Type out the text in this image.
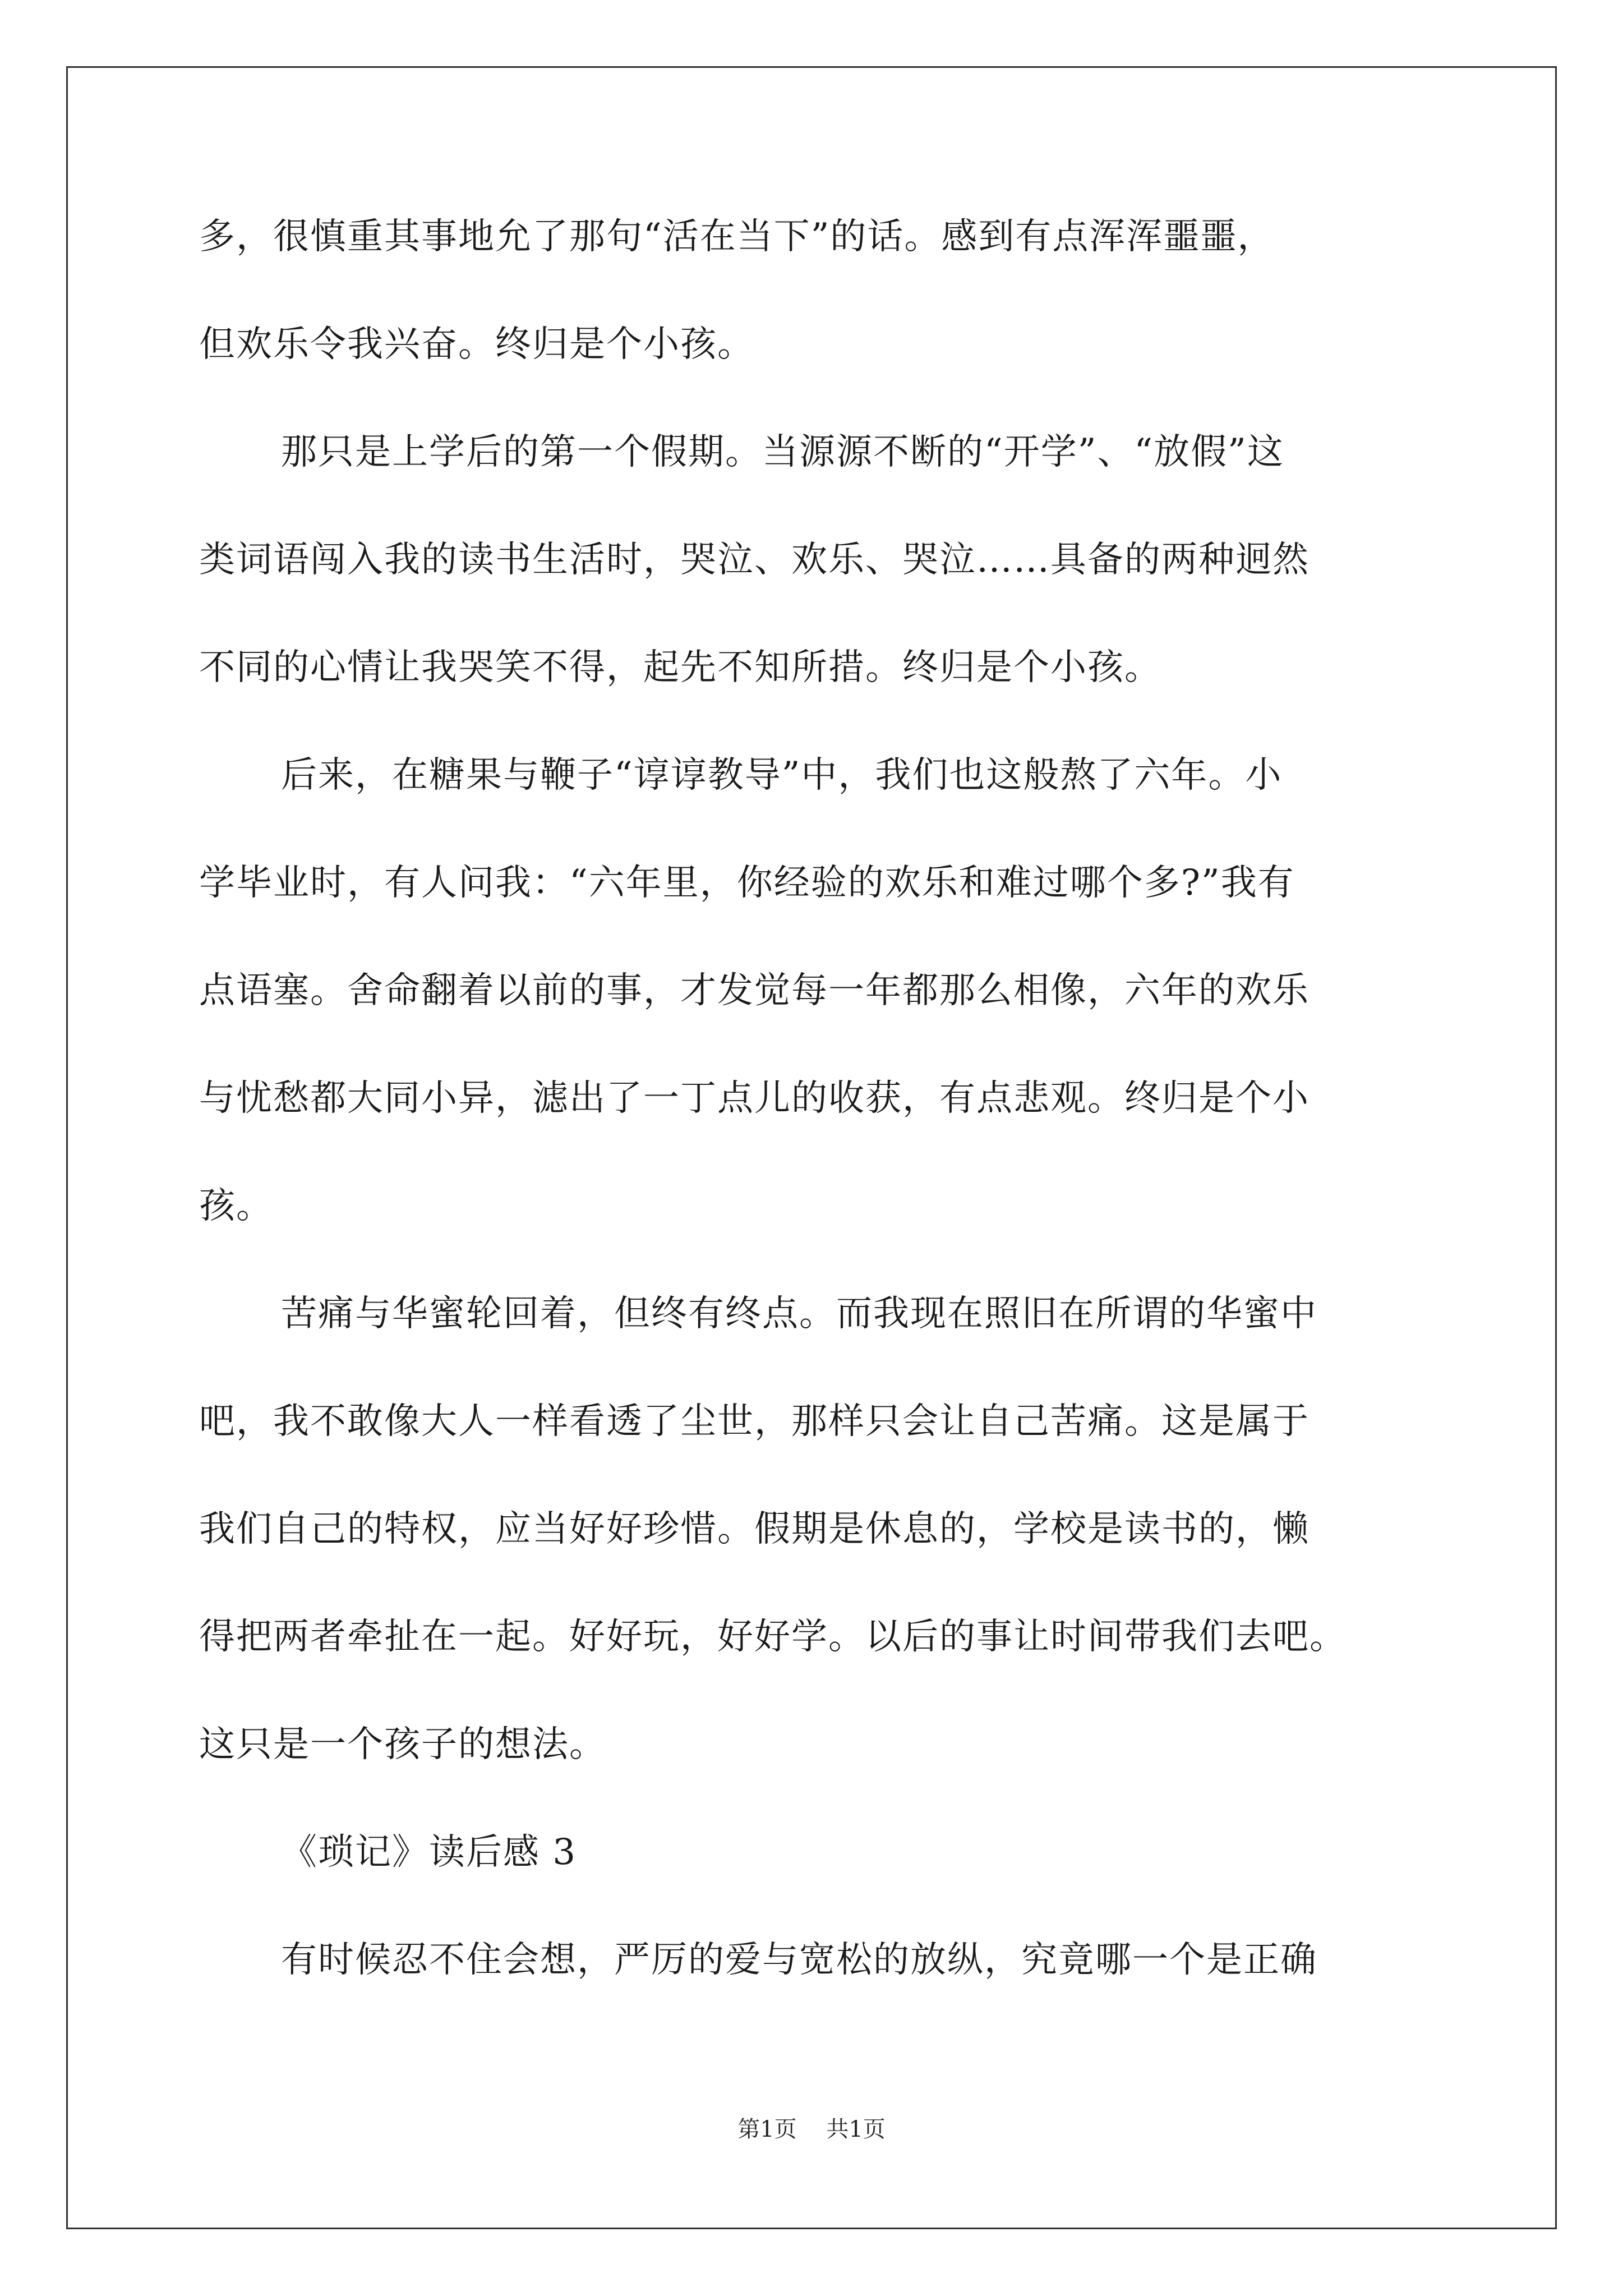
多，很慎重其事地允了那句“活在当下”的话。感到有点浑浑噩噩，
但欢乐令我兴奋。终归是个小孩。
那只是上学后的第一个假期。当源源不断的“开学”、“放假”这
类词语闯入我的读书生活时，哭泣、欢乐、哭泣……具备的两种迥然
不同的心情让我哭笑不得，起先不知所措。终归是个小孩。
后来，在糖果与鞭子“谆谆教导”中，我们也这般熬了六年。小
学毕业时，有人问我：“六年里，你经验的欢乐和难过哪个多?”我有
点语塞。舍命翻着以前的事，才发觉每一年都那么相像，六年的欢乐
与忧愁都大同小异，滤出了一丁点儿的收获，有点悲观。终归是个小
孩。
苦痛与华蜜轮回着，但终有终点。而我现在照旧在所谓的华蜜中
吧，我不敢像大人一样看透了尘世，那样只会让自己苦痛。这是属于
我们自己的特权，应当好好珍惜。假期是休息的，学校是读书的，懒
得把两者牵扯在一起。好好玩，好好学。以后的事让时间带我们去吧。
这只是一个孩子的想法。
《琐记》读后感 3
有时候忍不住会想，严厉的爱与宽松的放纵，究竟哪一个是正确
第1页 共1页
